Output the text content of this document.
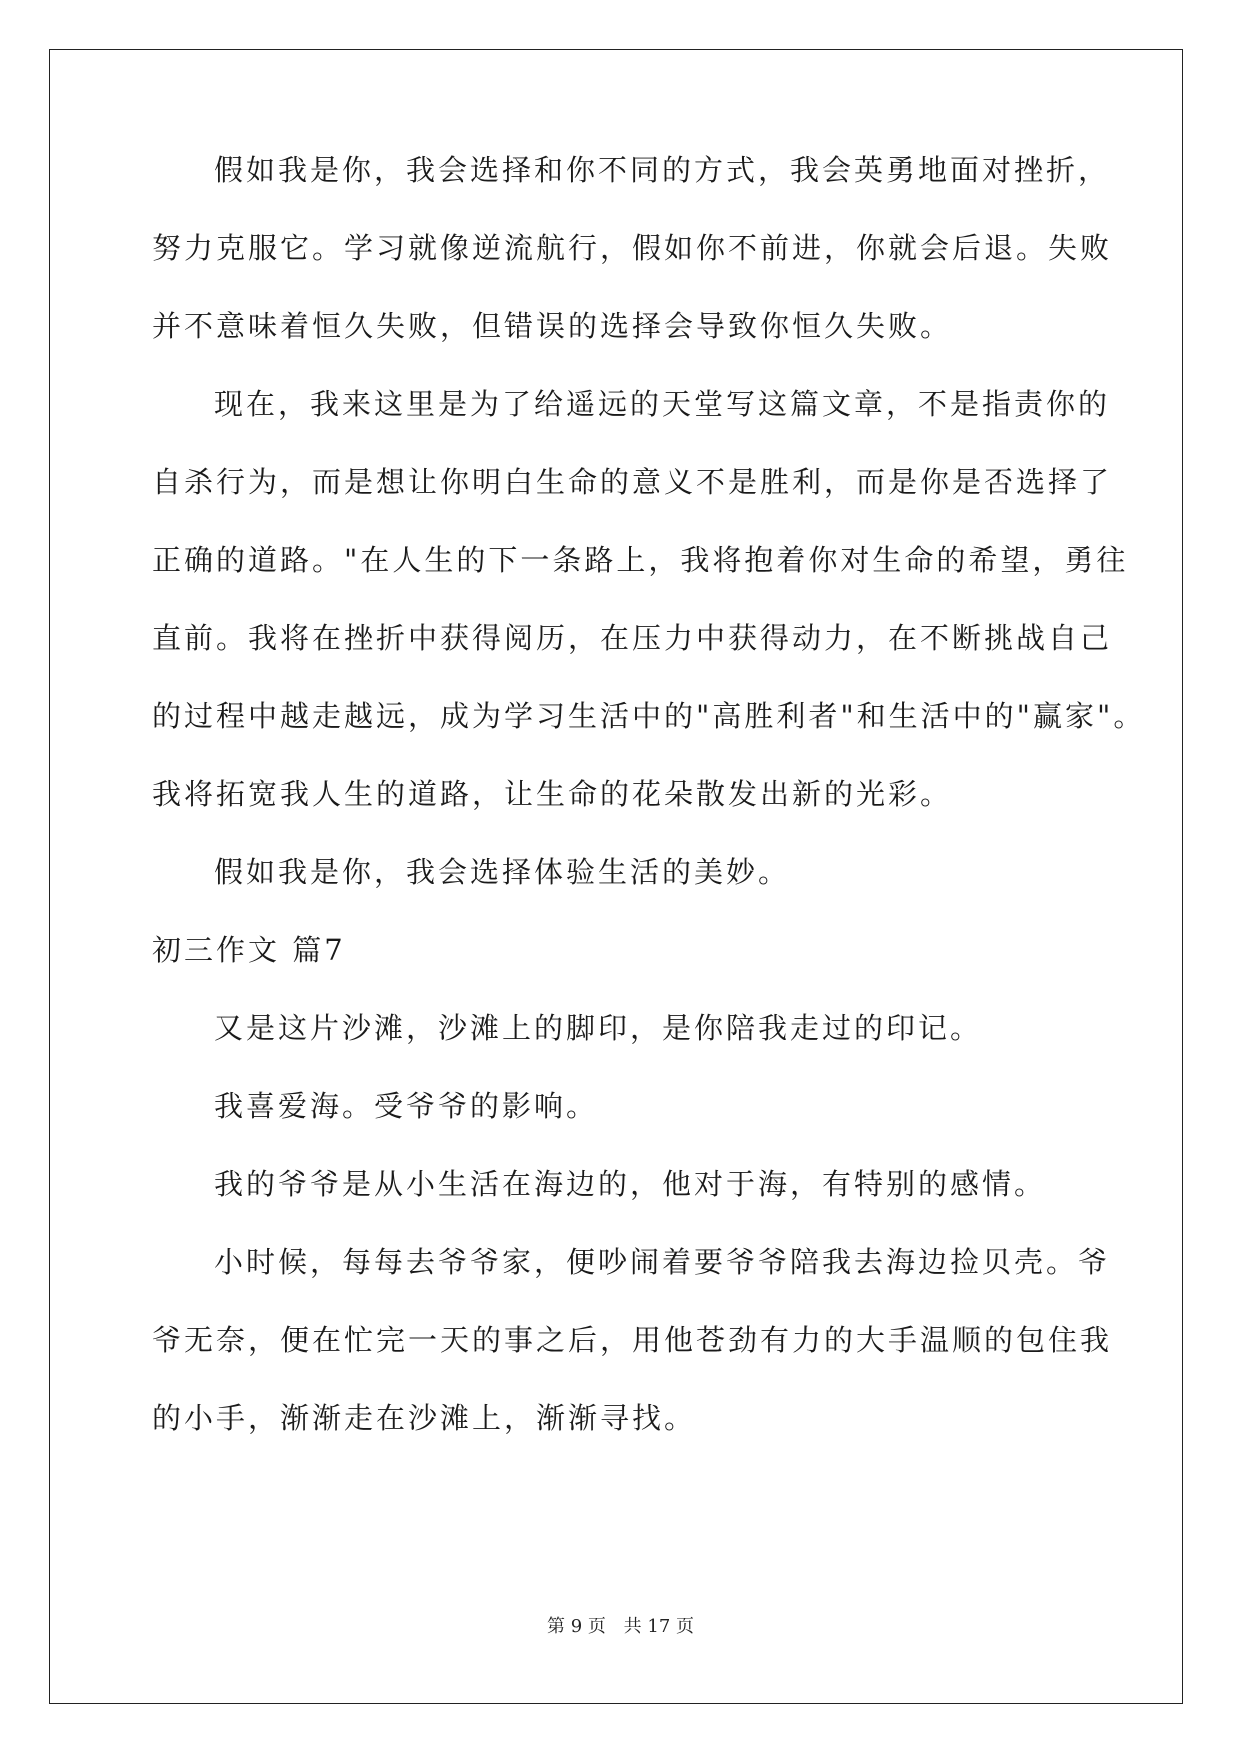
假如我是你，我会选择和你不同的方式，我会英勇地面对挫折，
努力克服它。学习就像逆流航行，假如你不前进，你就会后退。失败
并不意味着恒久失败，但错误的选择会导致你恒久失败。
现在，我来这里是为了给遥远的天堂写这篇文章，不是指责你的
自杀行为，而是想让你明白生命的意义不是胜利，而是你是否选择了
正确的道路。"在人生的下一条路上，我将抱着你对生命的希望，勇往
直前。我将在挫折中获得阅历，在压力中获得动力，在不断挑战自己
的过程中越走越远，成为学习生活中的"高胜利者"和生活中的"赢家"。
我将拓宽我人生的道路，让生命的花朵散发出新的光彩。
假如我是你，我会选择体验生活的美妙。
初三作文 篇7
又是这片沙滩，沙滩上的脚印，是你陪我走过的印记。
我喜爱海。受爷爷的影响。
我的爷爷是从小生活在海边的，他对于海，有特别的感情。
小时候，每每去爷爷家，便吵闹着要爷爷陪我去海边捡贝壳。爷
爷无奈，便在忙完一天的事之后，用他苍劲有力的大手温顺的包住我
的小手，渐渐走在沙滩上，渐渐寻找。
第 9 页 共 17 页
